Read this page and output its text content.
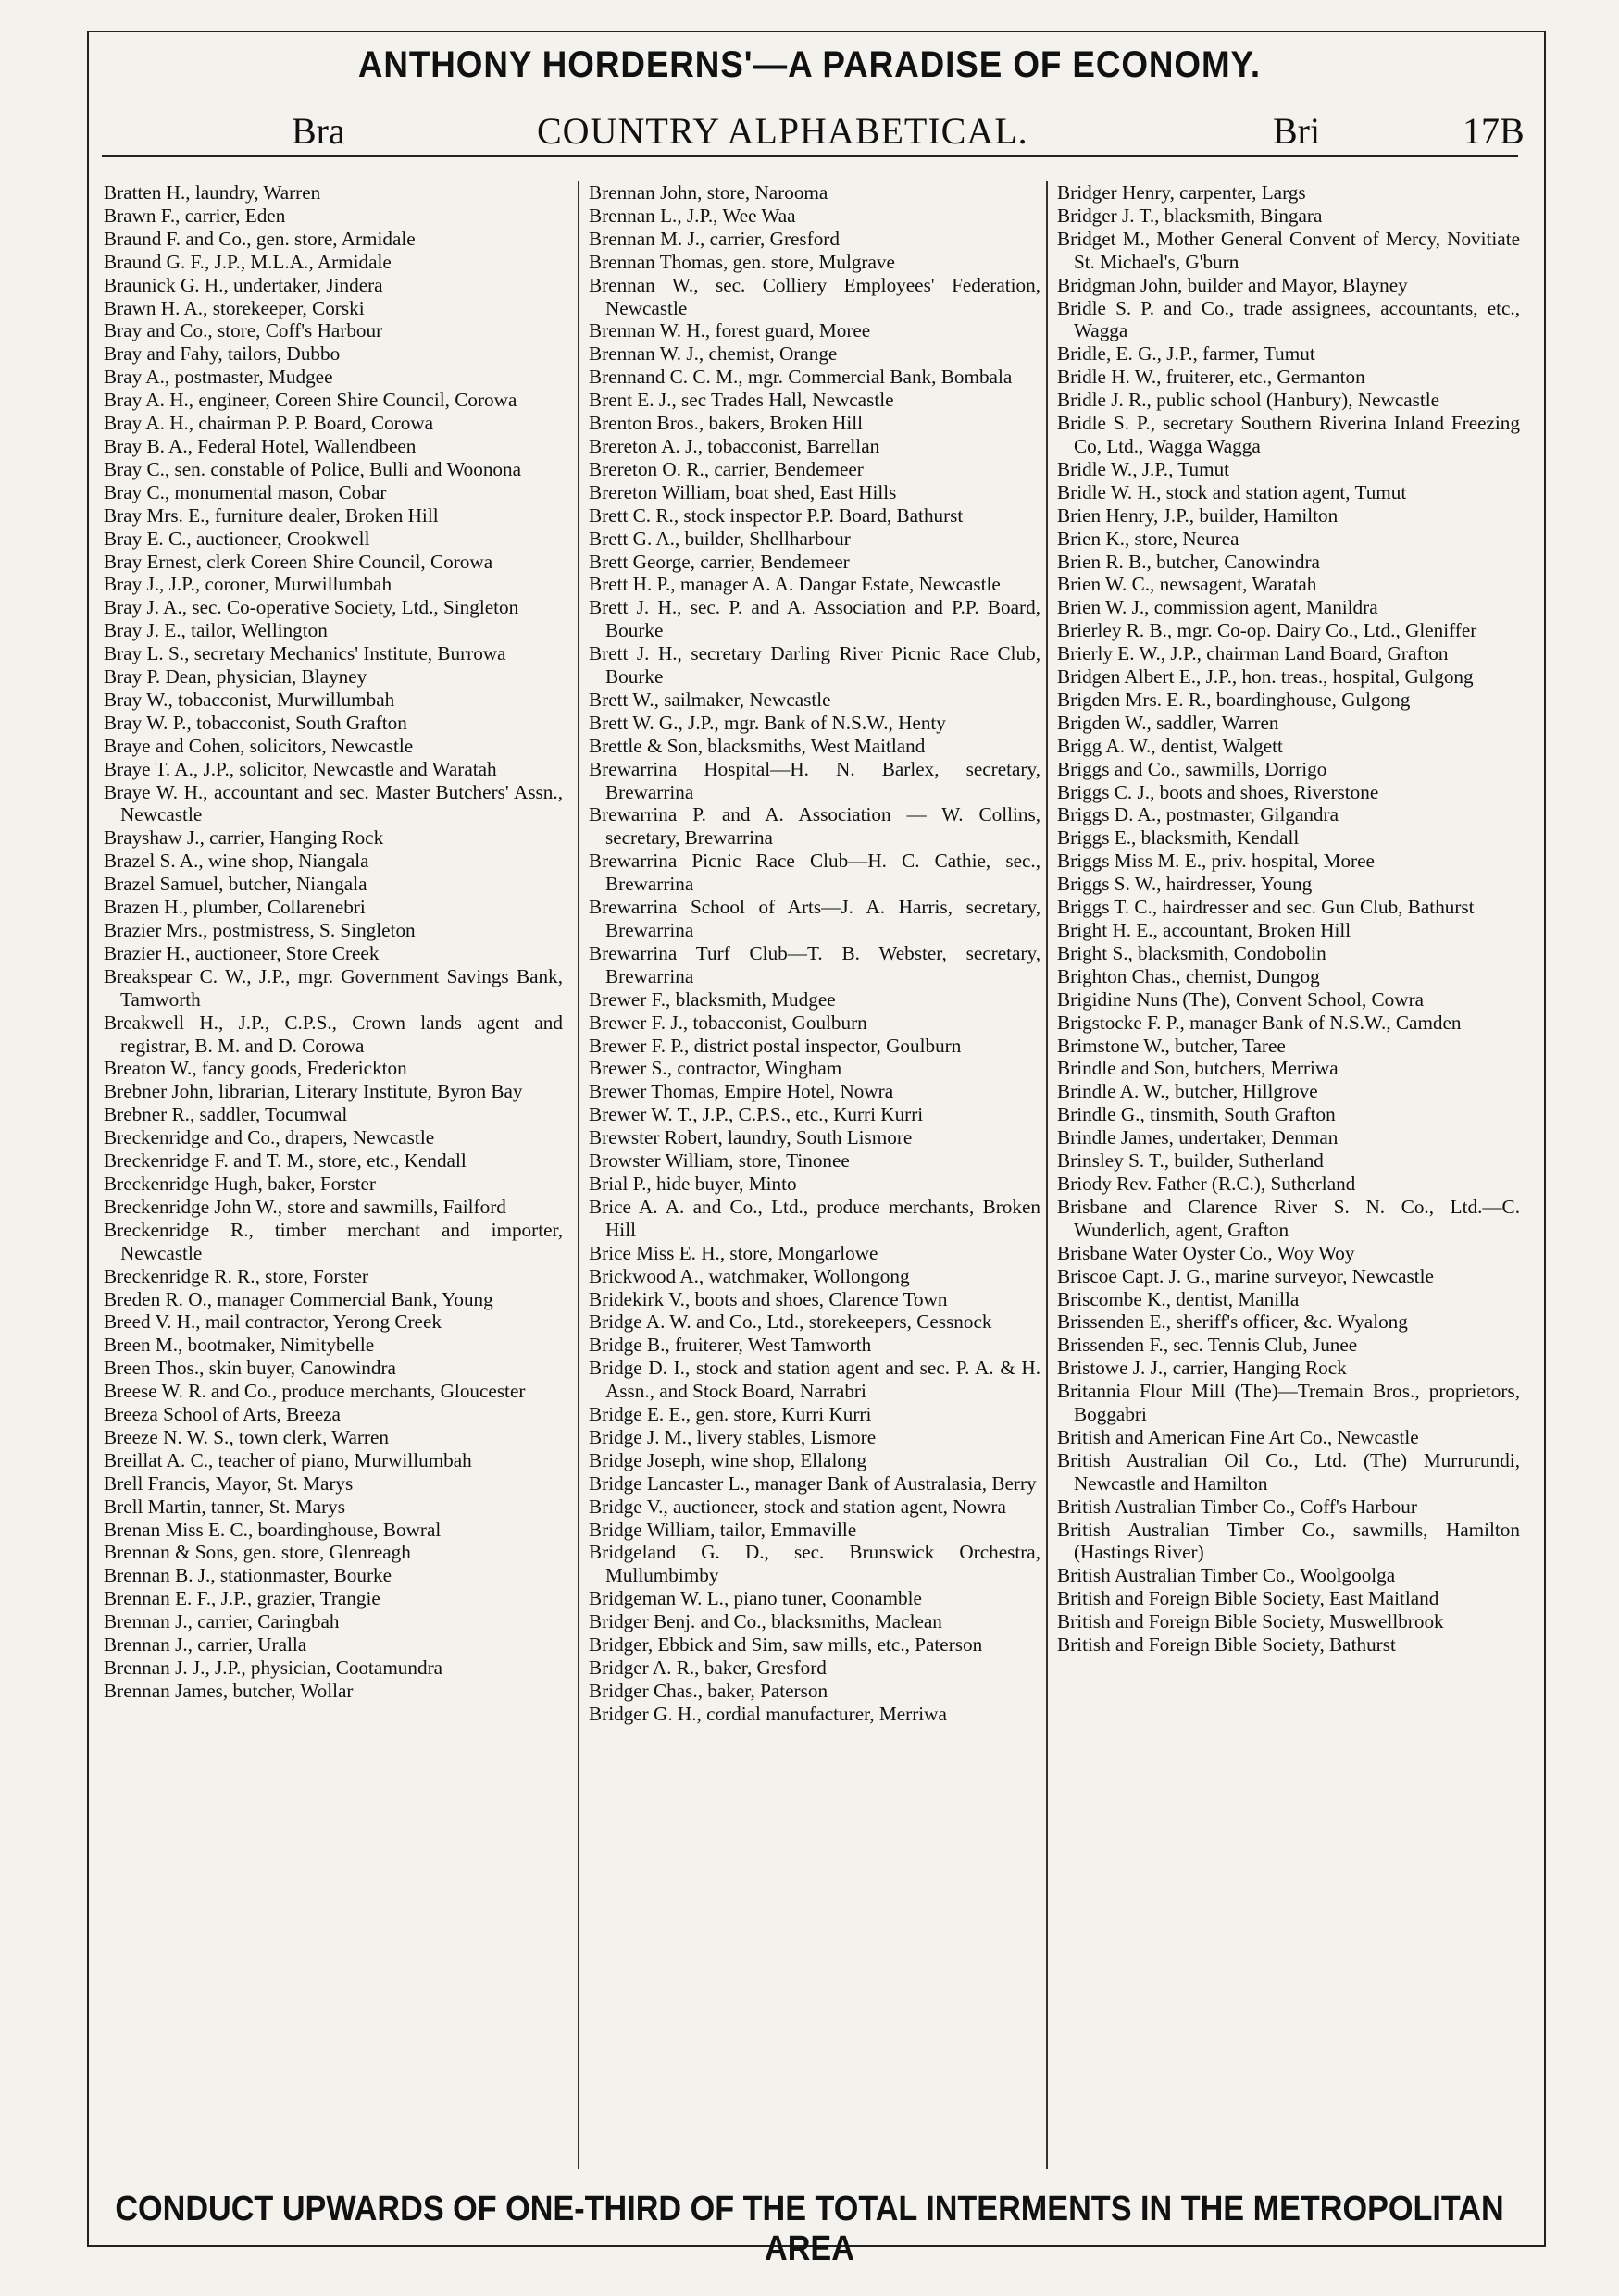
ANTHONY HORDERNS'—A PARADISE OF ECONOMY.
Bra	COUNTRY ALPHABETICAL.	Bri	17B
Bratten H., laundry, Warren
Brawn F., carrier, Eden
Braund F. and Co., gen. store, Armidale
Braund G. F., J.P., M.L.A., Armidale
Braunick G. H., undertaker, Jindera
Brawn H. A., storekeeper, Corski
Bray and Co., store, Coff's Harbour
Bray and Fahy, tailors, Dubbo
Bray A., postmaster, Mudgee
Bray A. H., engineer, Coreen Shire Council, Corowa
Bray A. H., chairman P. P. Board, Corowa
Bray B. A., Federal Hotel, Wallendbeen
Bray C., sen. constable of Police, Bulli and Woonona
Bray C., monumental mason, Cobar
Bray Mrs. E., furniture dealer, Broken Hill
Bray E. C., auctioneer, Crookwell
Bray Ernest, clerk Coreen Shire Council, Corowa
Bray J., J.P., coroner, Murwillumbah
Bray J. A., sec. Co-operative Society, Ltd., Singleton
Bray J. E., tailor, Wellington
Bray L. S., secretary Mechanics' Institute, Burrowa
Bray P. Dean, physician, Blayney
Bray W., tobacconist, Murwillumbah
Bray W. P., tobacconist, South Grafton
Braye and Cohen, solicitors, Newcastle
Braye T. A., J.P., solicitor, Newcastle and Waratah
Braye W. H., accountant and sec. Master Butchers' Assn., Newcastle
Brayshaw J., carrier, Hanging Rock
Brazel S. A., wine shop, Niangala
Brazel Samuel, butcher, Niangala
Brazen H., plumber, Collarenebri
Brazier Mrs., postmistress, S. Singleton
Brazier H., auctioneer, Store Creek
Breakspear C. W., J.P., mgr. Government Savings Bank, Tamworth
Breakwell H., J.P., C.P.S., Crown lands agent and registrar, B. M. and D. Corowa
Breaton W., fancy goods, Frederickton
Brebner John, librarian, Literary Institute, Byron Bay
Brebner R., saddler, Tocumwal
Breckenridge and Co., drapers, Newcastle
Breckenridge F. and T. M., store, etc., Kendall
Breckenridge Hugh, baker, Forster
Breckenridge John W., store and sawmills, Failford
Breckenridge R., timber merchant and importer, Newcastle
Breckenridge R. R., store, Forster
Breden R. O., manager Commercial Bank, Young
Breed V. H., mail contractor, Yerong Creek
Breen M., bootmaker, Nimitybelle
Breen Thos., skin buyer, Canowindra
Breese W. R. and Co., produce merchants, Gloucester
Breeza School of Arts, Breeza
Breeze N. W. S., town clerk, Warren
Breillat A. C., teacher of piano, Murwillumbah
Brell Francis, Mayor, St. Marys
Brell Martin, tanner, St. Marys
Brenan Miss E. C., boardinghouse, Bowral
Brennan & Sons, gen. store, Glenreagh
Brennan B. J., stationmaster, Bourke
Brennan E. F., J.P., grazier, Trangie
Brennan J., carrier, Caringbah
Brennan J., carrier, Uralla
Brennan J. J., J.P., physician, Cootamundra
Brennan James, butcher, Wollar
Brennan John, store, Narooma
Brennan L., J.P., Wee Waa
Brennan M. J., carrier, Gresford
Brennan Thomas, gen. store, Mulgrave
Brennan W., sec. Colliery Employees' Federation, Newcastle
Brennan W. H., forest guard, Moree
Brennan W. J., chemist, Orange
Brennand C. C. M., mgr. Commercial Bank, Bombala
Brent E. J., sec Trades Hall, Newcastle
Brenton Bros., bakers, Broken Hill
Brereton A. J., tobacconist, Barrellan
Brereton O. R., carrier, Bendemeer
Brereton William, boat shed, East Hills
Brett C. R., stock inspector P.P. Board, Bathurst
Brett G. A., builder, Shellharbour
Brett George, carrier, Bendemeer
Brett H. P., manager A. A. Dangar Estate, Newcastle
Brett J. H., sec. P. and A. Association and P.P. Board, Bourke
Brett J. H., secretary Darling River Picnic Race Club, Bourke
Brett W., sailmaker, Newcastle
Brett W. G., J.P., mgr. Bank of N.S.W., Henty
Brettle & Son, blacksmiths, West Maitland
Brewarrina Hospital—H. N. Barlex, secretary, Brewarrina
Brewarrina P. and A. Association — W. Collins, secretary, Brewarrina
Brewarrina Picnic Race Club—H. C. Cathie, sec., Brewarrina
Brewarrina School of Arts—J. A. Harris, secretary, Brewarrina
Brewarrina Turf Club—T. B. Webster, secretary, Brewarrina
Brewer F., blacksmith, Mudgee
Brewer F. J., tobacconist, Goulburn
Brewer F. P., district postal inspector, Goulburn
Brewer S., contractor, Wingham
Brewer Thomas, Empire Hotel, Nowra
Brewer W. T., J.P., C.P.S., etc., Kurri Kurri
Brewster Robert, laundry, South Lismore
Browster William, store, Tinonee
Brial P., hide buyer, Minto
Brice A. A. and Co., Ltd., produce merchants, Broken Hill
Brice Miss E. H., store, Mongarlowe
Brickwood A., watchmaker, Wollongong
Bridekirk V., boots and shoes, Clarence Town
Bridge A. W. and Co., Ltd., storekeepers, Cessnock
Bridge B., fruiterer, West Tamworth
Bridge D. I., stock and station agent and sec. P. A. & H. Assn., and Stock Board, Narrabri
Bridge E. E., gen. store, Kurri Kurri
Bridge J. M., livery stables, Lismore
Bridge Joseph, wine shop, Ellalong
Bridge Lancaster L., manager Bank of Australasia, Berry
Bridge V., auctioneer, stock and station agent, Nowra
Bridge William, tailor, Emmaville
Bridgeland G. D., sec. Brunswick Orchestra, Mullumbimby
Bridgeman W. L., piano tuner, Coonamble
Bridger Benj. and Co., blacksmiths, Maclean
Bridger, Ebbick and Sim, saw mills, etc., Paterson
Bridger A. R., baker, Gresford
Bridger Chas., baker, Paterson
Bridger G. H., cordial manufacturer, Merriwa
Bridger Henry, carpenter, Largs
Bridger J. T., blacksmith, Bingara
Bridget M., Mother General Convent of Mercy, Novitiate St. Michael's, G'burn
Bridgman John, builder and Mayor, Blayney
Bridle S. P. and Co., trade assignees, accountants, etc., Wagga
Bridle, E. G., J.P., farmer, Tumut
Bridle H. W., fruiterer, etc., Germanton
Bridle J. R., public school (Hanbury), Newcastle
Bridle S. P., secretary Southern Riverina Inland Freezing Co, Ltd., Wagga Wagga
Bridle W., J.P., Tumut
Bridle W. H., stock and station agent, Tumut
Brien Henry, J.P., builder, Hamilton
Brien K., store, Neurea
Brien R. B., butcher, Canowindra
Brien W. C., newsagent, Waratah
Brien W. J., commission agent, Manildra
Brierley R. B., mgr. Co-op. Dairy Co., Ltd., Gleniffer
Brierly E. W., J.P., chairman Land Board, Grafton
Bridgen Albert E., J.P., hon. treas., hospital, Gulgong
Brigden Mrs. E. R., boardinghouse, Gulgong
Brigden W., saddler, Warren
Brigg A. W., dentist, Walgett
Briggs and Co., sawmills, Dorrigo
Briggs C. J., boots and shoes, Riverstone
Briggs D. A., postmaster, Gilgandra
Briggs E., blacksmith, Kendall
Briggs Miss M. E., priv. hospital, Moree
Briggs S. W., hairdresser, Young
Briggs T. C., hairdresser and sec. Gun Club, Bathurst
Bright H. E., accountant, Broken Hill
Bright S., blacksmith, Condobolin
Brighton Chas., chemist, Dungog
Brigidine Nuns (The), Convent School, Cowra
Brigstocke F. P., manager Bank of N.S.W., Camden
Brimstone W., butcher, Taree
Brindle and Son, butchers, Merriwa
Brindle A. W., butcher, Hillgrove
Brindle G., tinsmith, South Grafton
Brindle James, undertaker, Denman
Brinsley S. T., builder, Sutherland
Briody Rev. Father (R.C.), Sutherland
Brisbane and Clarence River S. N. Co., Ltd.—C. Wunderlich, agent, Grafton
Brisbane Water Oyster Co., Woy Woy
Briscoe Capt. J. G., marine surveyor, Newcastle
Briscombe K., dentist, Manilla
Brissenden E., sheriff's officer, &c. Wyalong
Brissenden F., sec. Tennis Club, Junee
Bristowe J. J., carrier, Hanging Rock
Britannia Flour Mill (The)—Tremain Bros., proprietors, Boggabri
British and American Fine Art Co., Newcastle
British Australian Oil Co., Ltd. (The) Murrurundi, Newcastle and Hamilton
British Australian Timber Co., Coff's Harbour
British Australian Timber Co., sawmills, Hamilton (Hastings River)
British Australian Timber Co., Woolgoolga
British and Foreign Bible Society, East Maitland
British and Foreign Bible Society, Muswellbrook
British and Foreign Bible Society, Bathurst
CONDUCT UPWARDS OF ONE-THIRD OF THE TOTAL INTERMENTS IN THE METROPOLITAN AREA
